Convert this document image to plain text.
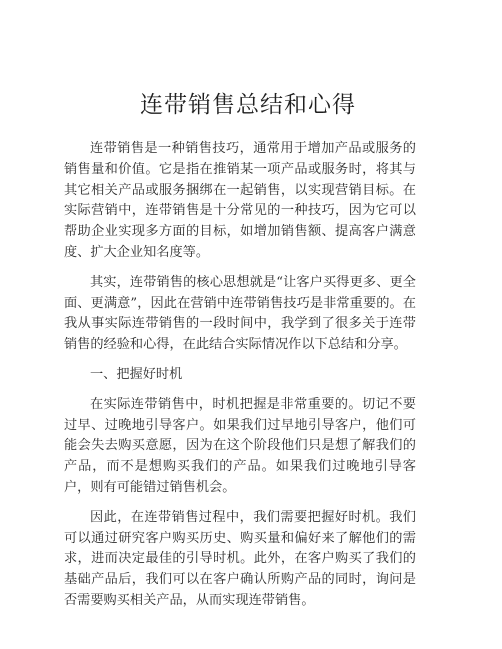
连带销售总结和心得

连带销售是一种销售技巧，通常用于增加产品或服务的销售量和价值。它是指在推销某一项产品或服务时，将其与其它相关产品或服务捆绑在一起销售，以实现营销目标。在实际营销中，连带销售是十分常见的一种技巧，因为它可以帮助企业实现多方面的目标，如增加销售额、提高客户满意度、扩大企业知名度等。

其实，连带销售的核心思想就是“让客户买得更多、更全面、更满意”，因此在营销中连带销售技巧是非常重要的。在我从事实际连带销售的一段时间中，我学到了很多关于连带销售的经验和心得，在此结合实际情况作以下总结和分享。

一、把握好时机

在实际连带销售中，时机把握是非常重要的。切记不要过早、过晚地引导客户。如果我们过早地引导客户，他们可能会失去购买意愿，因为在这个阶段他们只是想了解我们的产品，而不是想购买我们的产品。如果我们过晚地引导客户，则有可能错过销售机会。

因此，在连带销售过程中，我们需要把握好时机。我们可以通过研究客户购买历史、购买量和偏好来了解他们的需求，进而决定最佳的引导时机。此外，在客户购买了我们的基础产品后，我们可以在客户确认所购产品的同时，询问是否需要购买相关产品，从而实现连带销售。
